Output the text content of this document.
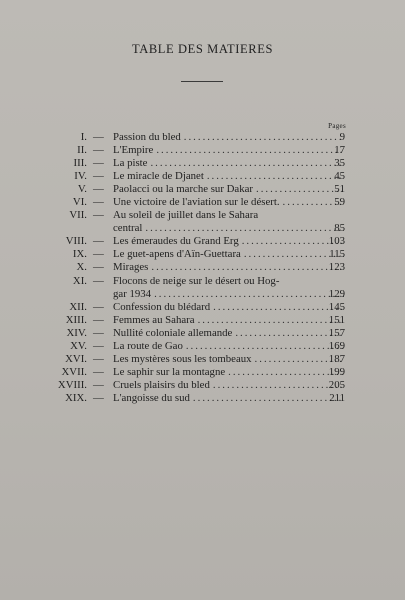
TABLE DES MATIERES
Pages
I. — Passion du bled .....	9
II. — L'Empire .....	17
III. — La piste .....	35
IV. — Le miracle de Djanet .....	45
V. — Paolacci ou la marche sur Dakar .....	51
VI. — Une victoire de l'aviation sur le désert. .....	59
VII. — Au soleil de juillet dans le Sahara
central .....	85
VIII. — Les émeraudes du Grand Erg .....	103
IX. — Le guet-apens d'Aïn-Guettara .....	115
X. — Mirages .....	123
XI. — Flocons de neige sur le désert ou Hog-
gar 1934 .....	129
XII. — Confession du blédard .....	145
XIII. — Femmes au Sahara .....	151
XIV. — Nullité coloniale allemande .....	157
XV. — La route de Gao .....	169
XVI. — Les mystères sous les tombeaux .....	187
XVII. — Le saphir sur la montagne .....	199
XVIII. — Cruels plaisirs du bled .....	205
XIX. — L'angoisse du sud .....	211
